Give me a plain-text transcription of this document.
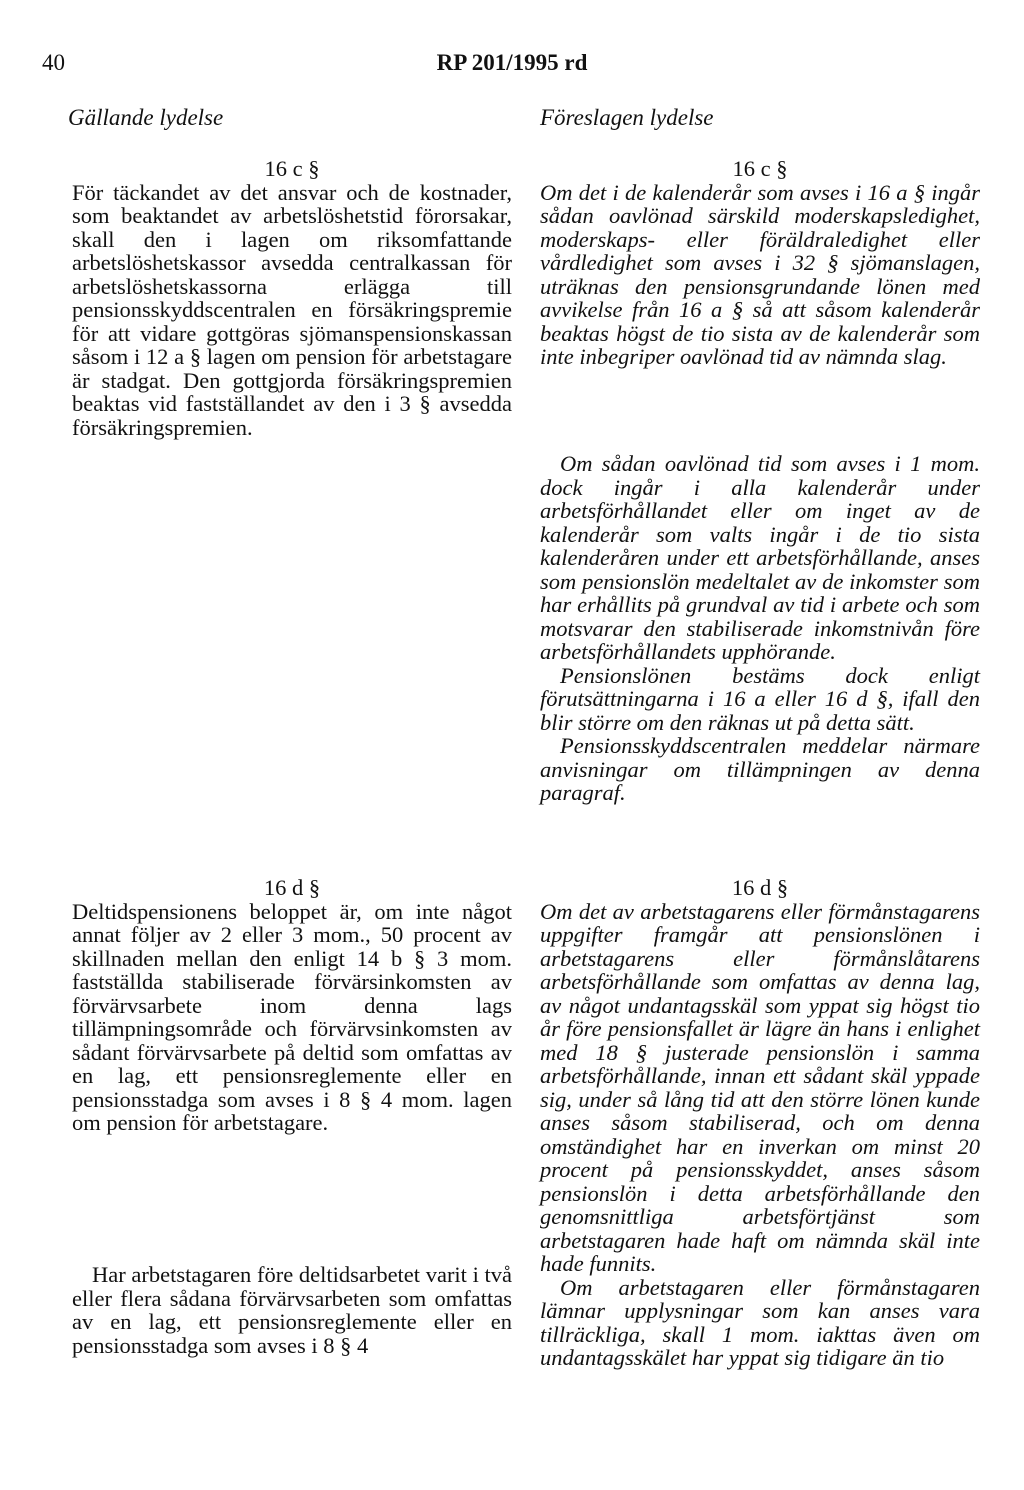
40	RP 201/1995 rd
Gällande lydelse	Föreslagen lydelse
16 c §

För täckandet av det ansvar och de kostnader, som beaktandet av arbetslöshetstid förorsakar, skall den i lagen om riksomfattande arbetslöshetskassor avsedda centralkassan för arbetslöshetskassorna erlägga till pensionsskyddscentralen en försäkringspremie för att vidare gottgöras sjömanspensionskassan såsom i 12 a § lagen om pension för arbetstagare är stadgat. Den gottgjorda försäkringspremien beaktas vid fastställandet av den i 3 § avsedda försäkringspremien.

16 c §

Om det i de kalenderår som avses i 16 a § ingår sådan oavlönad särskild moderskapsledighet, moderskaps- eller föräldraledighet eller vårdledighet som avses i 32 § sjömanslagen, uträknas den pensionsgrundande lönen med avvikelse från 16 a § så att såsom kalenderår beaktas högst de tio sista av de kalenderår som inte inbegriper oavlönad tid av nämnda slag.

Om sådan oavlönad tid som avses i 1 mom. dock ingår i alla kalenderår under arbetsförhållandet eller om inget av de kalenderår som valts ingår i de tio sista kalenderåren under ett arbetsförhållande, anses som pensionslön medeltalet av de inkomster som har erhållits på grundval av tid i arbete och som motsvarar den stabiliserade inkomstnivån före arbetsförhållandets upphörande.

Pensionslönen bestäms dock enligt förutsättningarna i 16 a eller 16 d §, ifall den blir större om den räknas ut på detta sätt.

Pensionsskyddscentralen meddelar närmare anvisningar om tillämpningen av denna paragraf.

16 d §

Deltidspensionens beloppet är, om inte något annat följer av 2 eller 3 mom., 50 procent av skillnaden mellan den enligt 14 b § 3 mom. fastställda stabiliserade förvärsinkomsten av förvärvsarbete inom denna lags tillämpningsområde och förvärvsinkomsten av sådant förvärvsarbete på deltid som omfattas av en lag, ett pensionsreglemente eller en pensionsstadga som avses i 8 § 4 mom. lagen om pension för arbetstagare.

Har arbetstagaren före deltidsarbetet varit i två eller flera sådana förvärvsarbeten som omfattas av en lag, ett pensionsreglemente eller en pensionsstadga som avses i 8 § 4

16 d §

Om det av arbetstagarens eller förmånstagarens uppgifter framgår att pensionslönen i arbetstagarens eller förmånslåtarens arbetsförhållande som omfattas av denna lag, av något undantagsskäl som yppat sig högst tio år före pensionsfallet är lägre än hans i enlighet med 18 § justerade pensionslön i samma arbetsförhållande, innan ett sådant skäl yppade sig, under så lång tid att den större lönen kunde anses såsom stabiliserad, och om denna omständighet har en inverkan om minst 20 procent på pensionsskyddet, anses såsom pensionslön i detta arbetsförhållande den genomsnittliga arbetsförtjänst som arbetstagaren hade haft om nämnda skäl inte hade funnits.

Om arbetstagaren eller förmånstagaren lämnar upplysningar som kan anses vara tillräckliga, skall 1 mom. iakttas även om undantagsskälet har yppat sig tidigare än tio
